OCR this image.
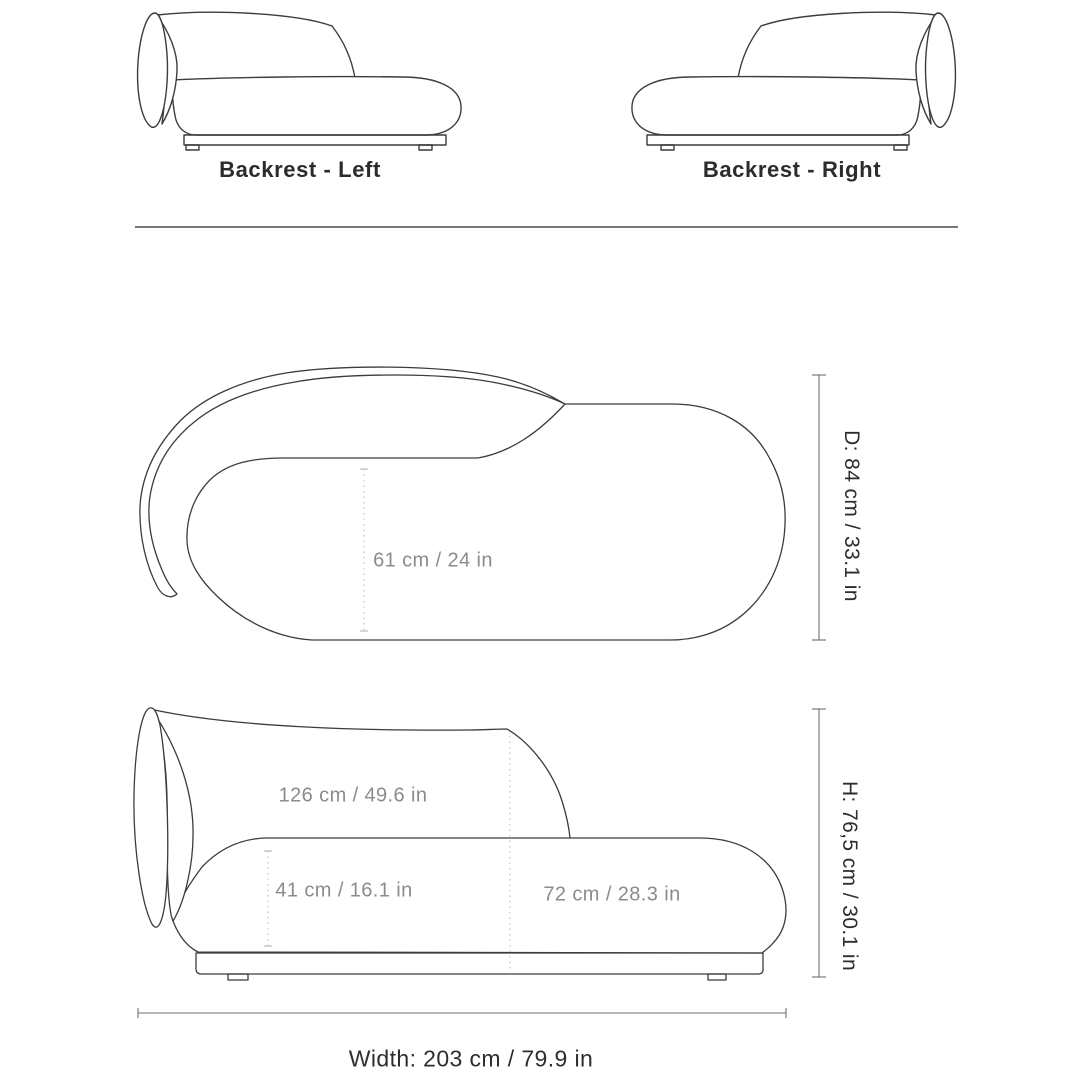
Backrest - Left	Backrest - Right
61 cm / 24 in	D: 84 cm / 33.1 in
126 cm / 49.6 in
41 cm / 16.1 in	72 cm / 28.3 in	H: 76,5 cm / 30.1 in
Width: 203 cm / 79.9 in
